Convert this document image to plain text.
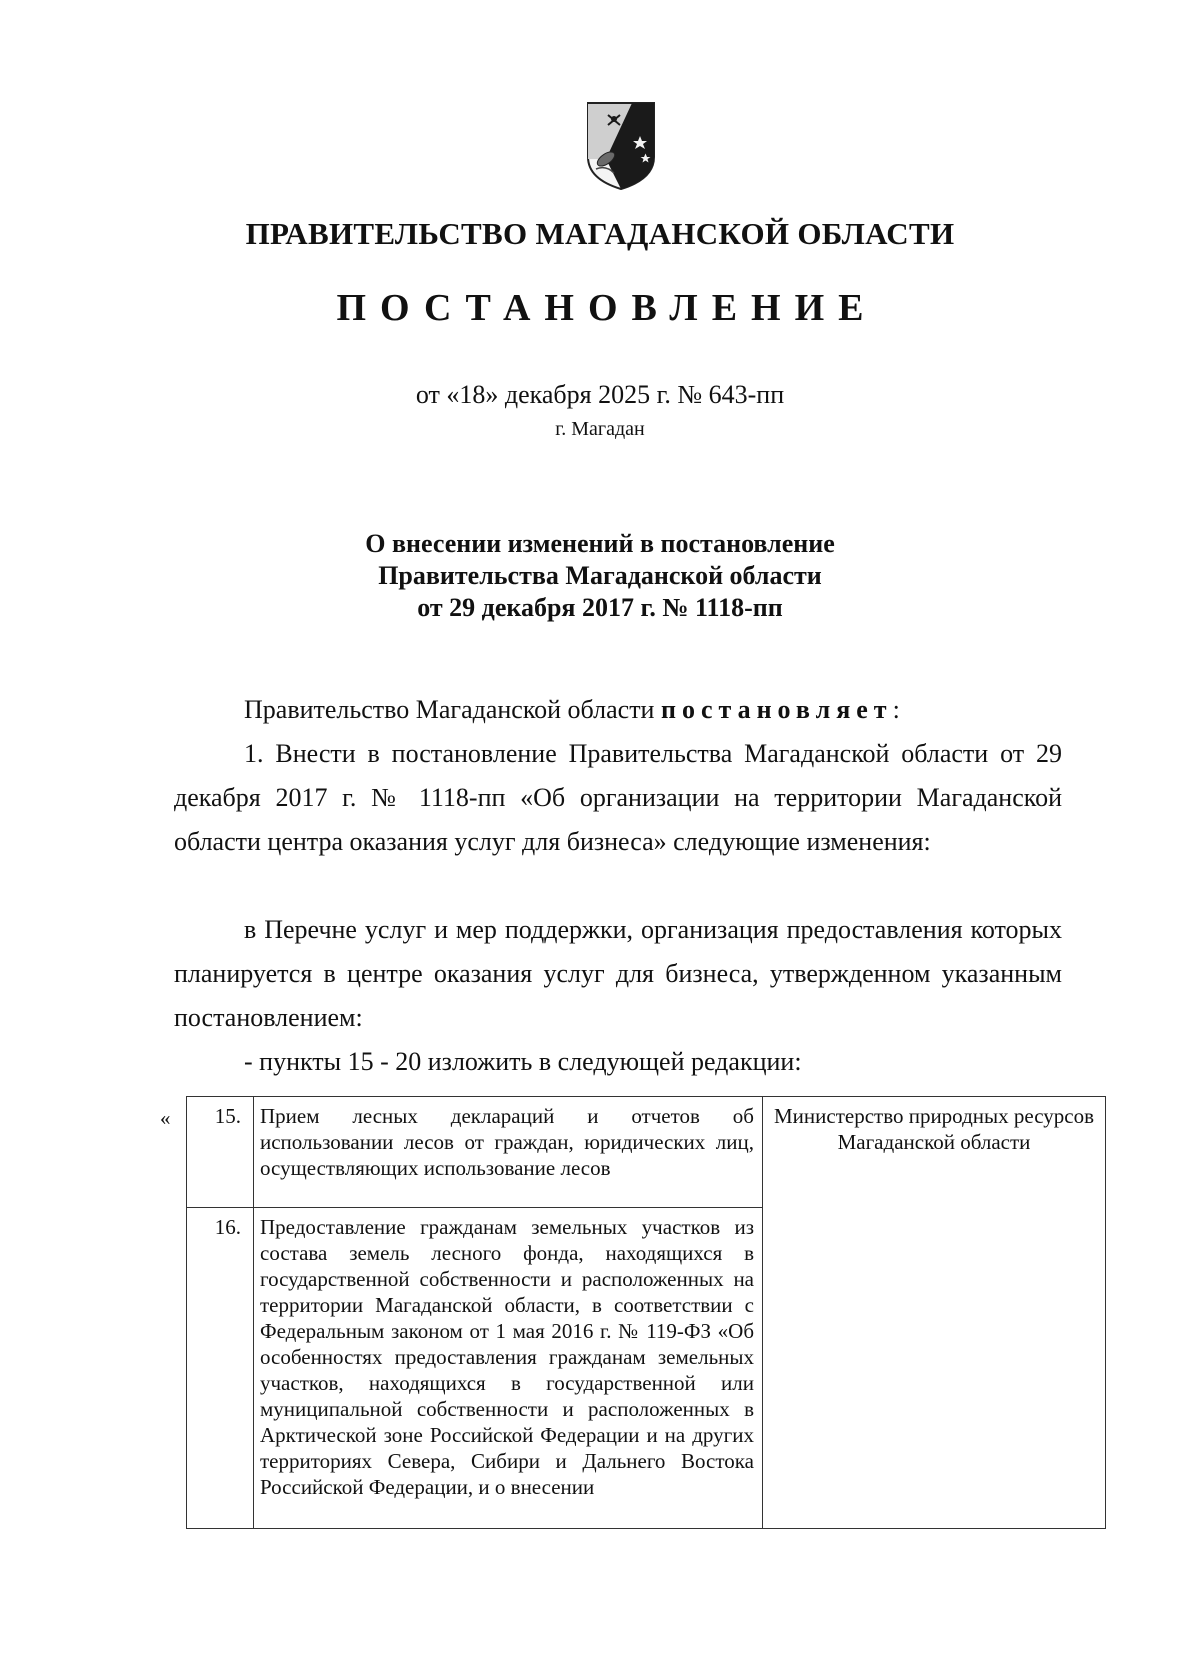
ПРАВИТЕЛЬСТВО МАГАДАНСКОЙ ОБЛАСТИ
ПОСТАНОВЛЕНИЕ
от «18» декабря 2025 г. № 643-пп
г. Магадан
О внесении изменений в постановление
Правительства Магаданской области
от 29 декабря 2017 г. № 1118-пп
Правительство Магаданской области постановляет:
1. Внести в постановление Правительства Магаданской области от 29 декабря 2017 г. № 1118-пп «Об организации на территории Магаданской области центра оказания услуг для бизнеса» следующие изменения:
в Перечне услуг и мер поддержки, организация предоставления которых планируется в центре оказания услуг для бизнеса, утвержденном указанным постановлением:
- пункты 15 - 20 изложить в следующей редакции:
« 15.	Прием лесных деклараций и отчетов об использовании лесов от граждан, юридических лиц, осуществляющих использование лесов	Министерство природных ресурсов Магаданской области
16.	Предоставление гражданам земельных участков из состава земель лесного фонда, находящихся в государственной собственности и расположенных на территории Магаданской области, в соответствии с Федеральным законом от 1 мая 2016 г. № 119-ФЗ «Об особенностях предоставления гражданам земельных участков, находящихся в государственной или муниципальной собственности и расположенных в Арктической зоне Российской Федерации и на других территориях Севера, Сибири и Дальнего Востока Российской Федерации, и о внесении	
